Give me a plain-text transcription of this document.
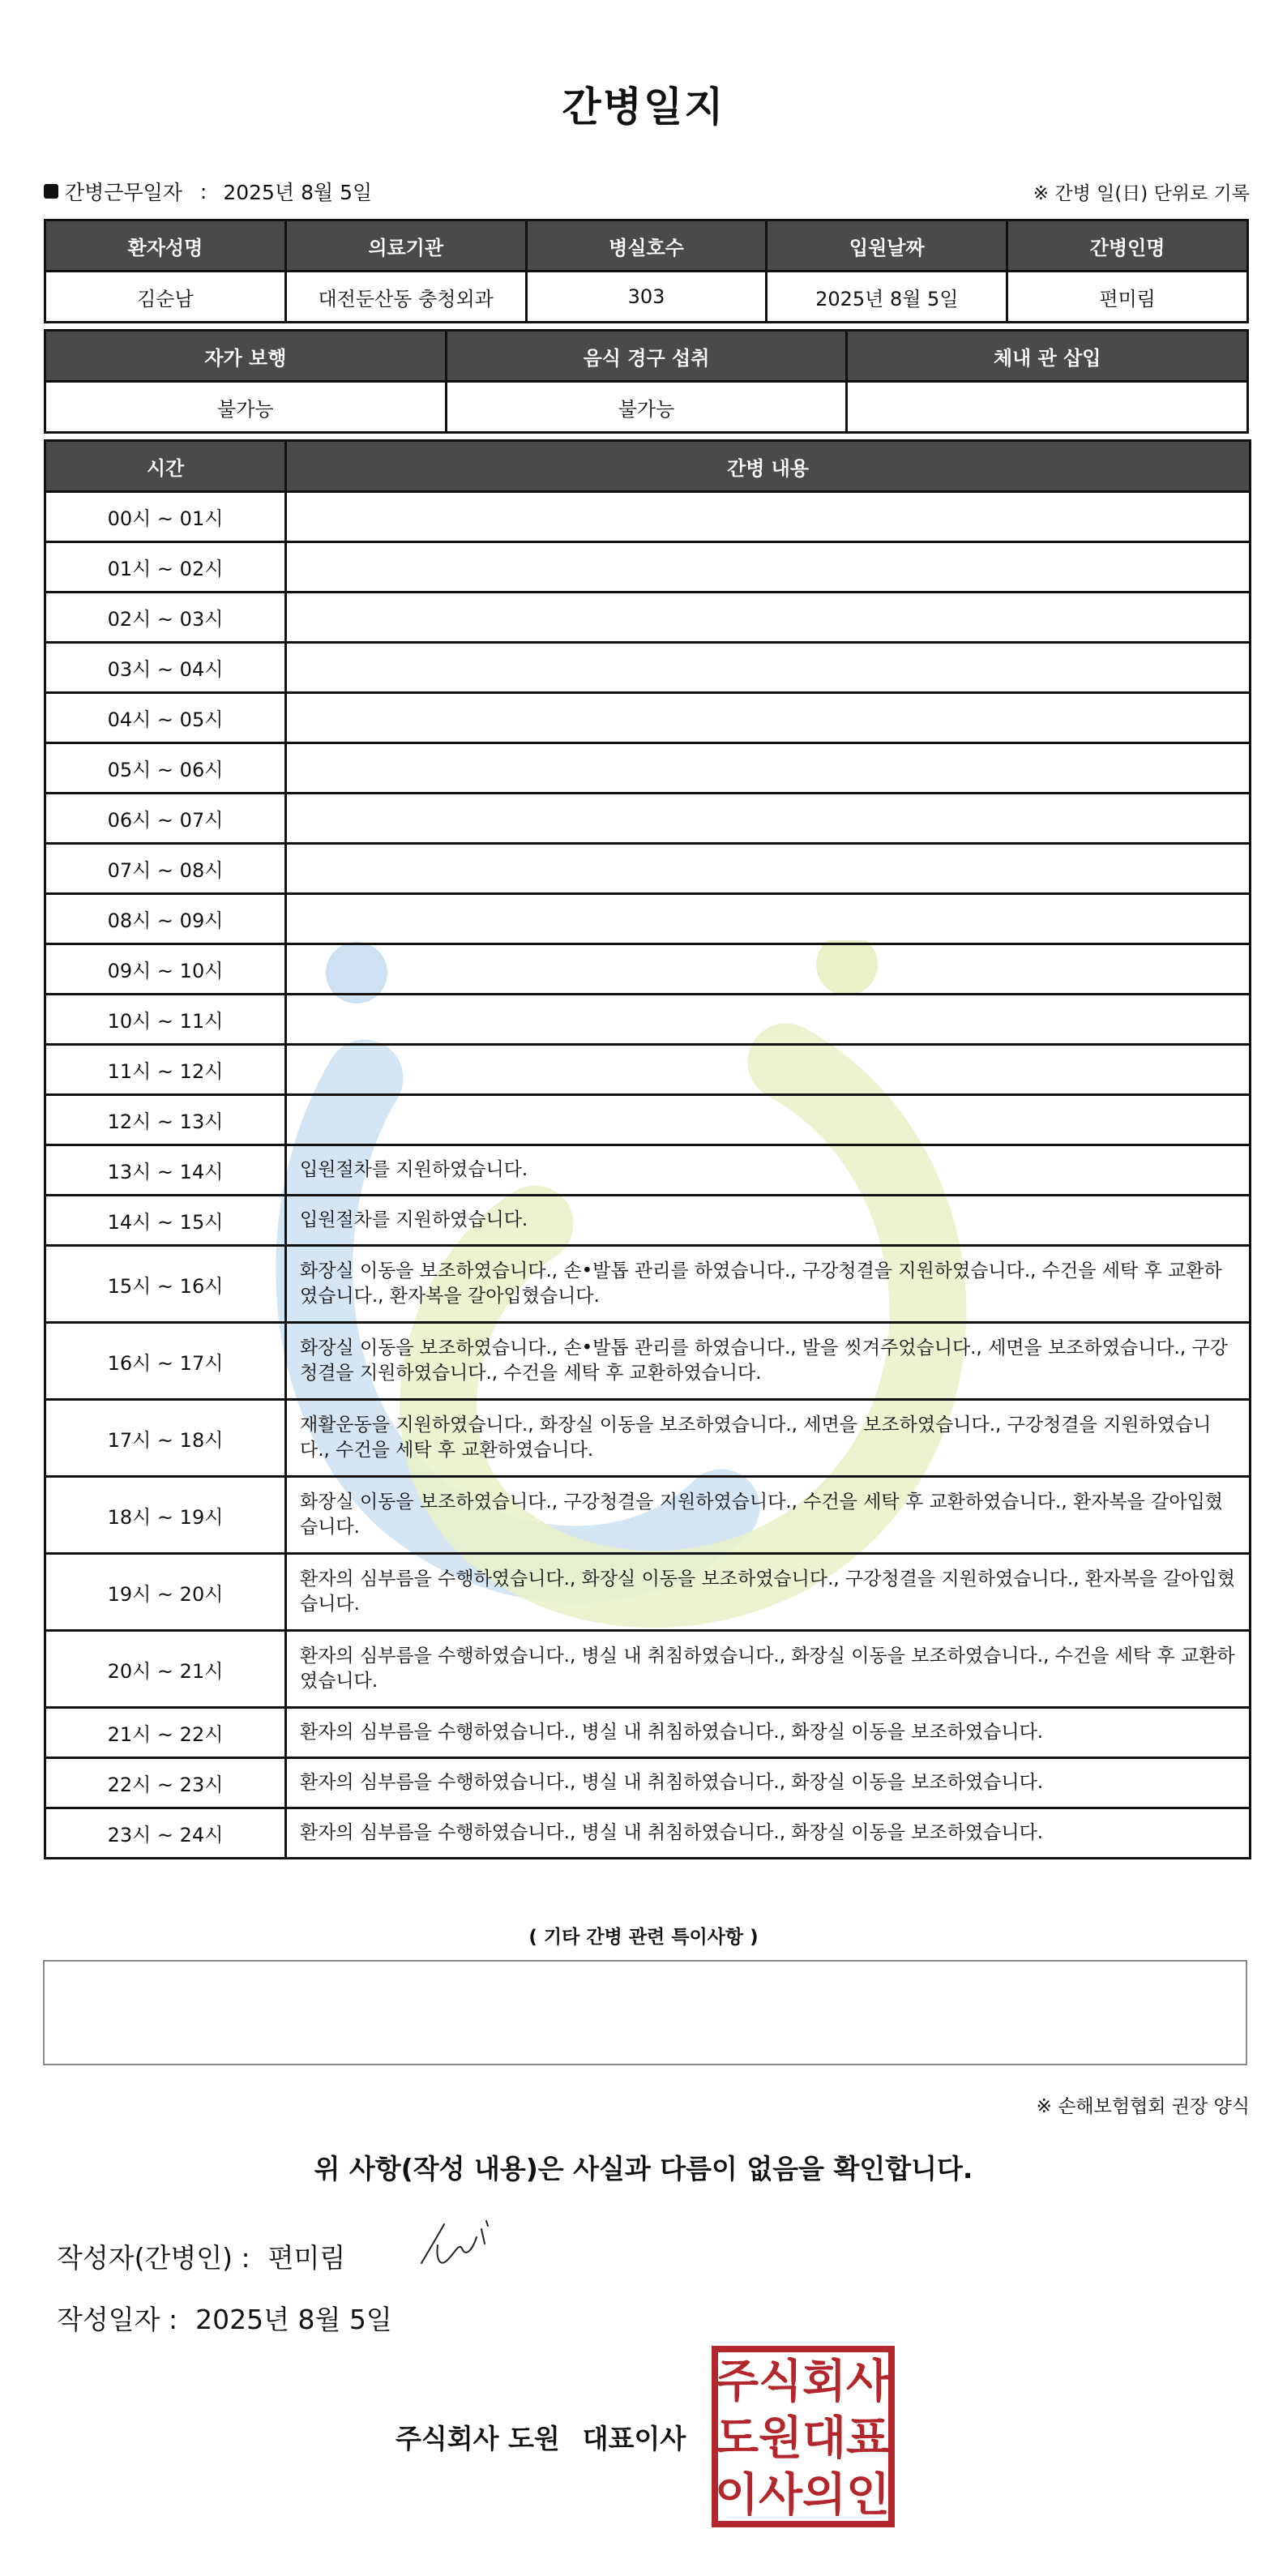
간병일지
간병근무일자 : 2025년 8월 5일	※ 간병 일(日) 단위로 기록
환자성명	의료기관	병실호수	입원날짜	간병인명
김순남	대전둔산동 충청외과	303	2025년 8월 5일	편미림
자가 보행	음식 경구 섭취	체내 관 삽입
불가능	불가능	
시간	간병 내용
00시 ~ 01시	
01시 ~ 02시	
02시 ~ 03시	
03시 ~ 04시	
04시 ~ 05시	
05시 ~ 06시	
06시 ~ 07시	
07시 ~ 08시	
08시 ~ 09시	
09시 ~ 10시	
10시 ~ 11시	
11시 ~ 12시	
12시 ~ 13시	
13시 ~ 14시	입원절차를 지원하였습니다.
14시 ~ 15시	입원절차를 지원하였습니다.
15시 ~ 16시	화장실 이동을 보조하였습니다., 손•발톱 관리를 하였습니다., 구강청결을 지원하였습니다., 수건을 세탁 후 교환하였습니다., 환자복을 갈아입혔습니다.
16시 ~ 17시	화장실 이동을 보조하였습니다., 손•발톱 관리를 하였습니다., 발을 씻겨주었습니다., 세면을 보조하였습니다., 구강청결을 지원하였습니다., 수건을 세탁 후 교환하였습니다.
17시 ~ 18시	재활운동을 지원하였습니다., 화장실 이동을 보조하였습니다., 세면을 보조하였습니다., 구강청결을 지원하였습니다., 수건을 세탁 후 교환하였습니다.
18시 ~ 19시	화장실 이동을 보조하였습니다., 구강청결을 지원하였습니다., 수건을 세탁 후 교환하였습니다., 환자복을 갈아입혔습니다.
19시 ~ 20시	환자의 심부름을 수행하였습니다., 화장실 이동을 보조하였습니다., 구강청결을 지원하였습니다., 환자복을 갈아입혔습니다.
20시 ~ 21시	환자의 심부름을 수행하였습니다., 병실 내 취침하였습니다., 화장실 이동을 보조하였습니다., 수건을 세탁 후 교환하였습니다.
21시 ~ 22시	환자의 심부름을 수행하였습니다., 병실 내 취침하였습니다., 화장실 이동을 보조하였습니다.
22시 ~ 23시	환자의 심부름을 수행하였습니다., 병실 내 취침하였습니다., 화장실 이동을 보조하였습니다.
23시 ~ 24시	환자의 심부름을 수행하였습니다., 병실 내 취침하였습니다., 화장실 이동을 보조하였습니다.
( 기타 간병 관련 특이사항 )
※ 손해보험협회 권장 양식
위 사항(작성 내용)은 사실과 다름이 없음을 확인합니다.
작성자(간병인) : 편미림
작성일자 : 2025년 8월 5일
주식회사 도원 대표이사
주 식 회 사
도 원 대 표
이 사 의 인
